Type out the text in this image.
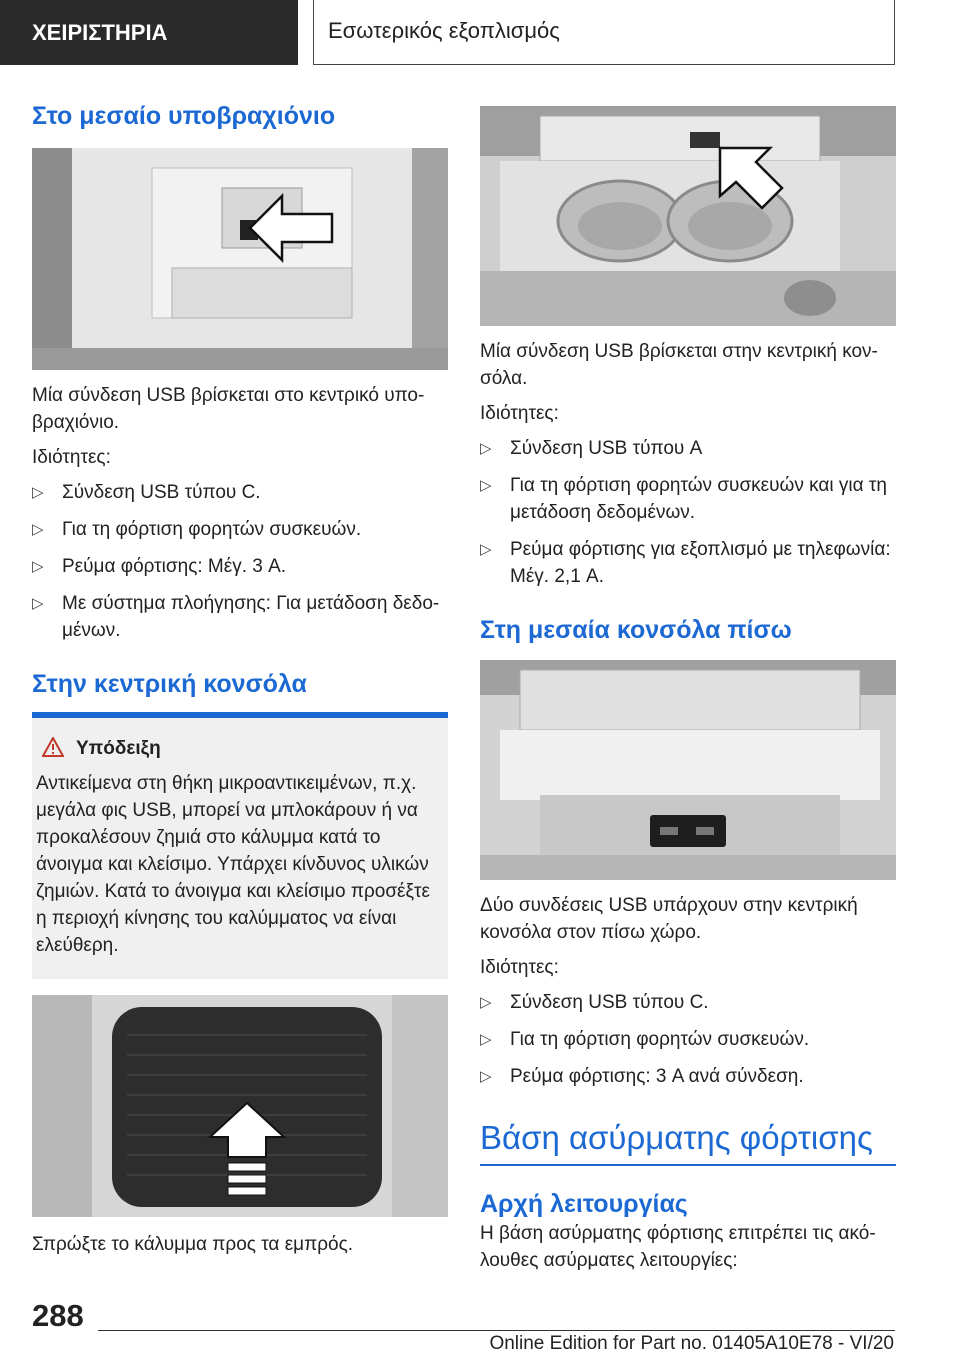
ΧΕΙΡΙΣΤΗΡΙΑ	Εσωτερικός εξοπλισμός
Στο μεσαίο υποβραχιόνιο

Μία σύνδεση USB βρίσκεται στο κεντρικό υπο-βραχιόνιο.

Ιδιότητες:

▷ Σύνδεση USB τύπου C.
▷ Για τη φόρτιση φορητών συσκευών.
▷ Ρεύμα φόρτισης: Μέγ. 3 A.
▷ Με σύστημα πλοήγησης: Για μετάδοση δεδο-μένων.
Στην κεντρική κονσόλα
Υπόδειξη

Αντικείμενα στη θήκη μικροαντικειμένων, π.χ. μεγάλα φις USB, μπορεί να μπλοκάρουν ή να προκαλέσουν ζημιά στο κάλυμμα κατά το άνοιγμα και κλείσιμο. Υπάρχει κίνδυνος υλικών ζημιών. Κατά το άνοιγμα και κλείσιμο προσέξτε η περιοχή κίνησης του καλύμματος να είναι ελεύθερη.

Σπρώξτε το κάλυμμα προς τα εμπρός.

Μία σύνδεση USB βρίσκεται στην κεντρική κον-σόλα.

Ιδιότητες:

▷ Σύνδεση USB τύπου A
▷ Για τη φόρτιση φορητών συσκευών και για τη μετάδοση δεδομένων.
▷ Ρεύμα φόρτισης για εξοπλισμό με τηλεφωνία: Μέγ. 2,1 A.
Στη μεσαία κονσόλα πίσω

Δύο συνδέσεις USB υπάρχουν στην κεντρική κονσόλα στον πίσω χώρο.

Ιδιότητες:

▷ Σύνδεση USB τύπου C.
▷ Για τη φόρτιση φορητών συσκευών.
▷ Ρεύμα φόρτισης: 3 A ανά σύνδεση.
Βάση ασύρματης φόρτισης
Αρχή λειτουργίας

Η βάση ασύρματης φόρτισης επιτρέπει τις ακό-λουθες ασύρματες λειτουργίες:

288
Online Edition for Part no. 01405A10E78 - VI/20
